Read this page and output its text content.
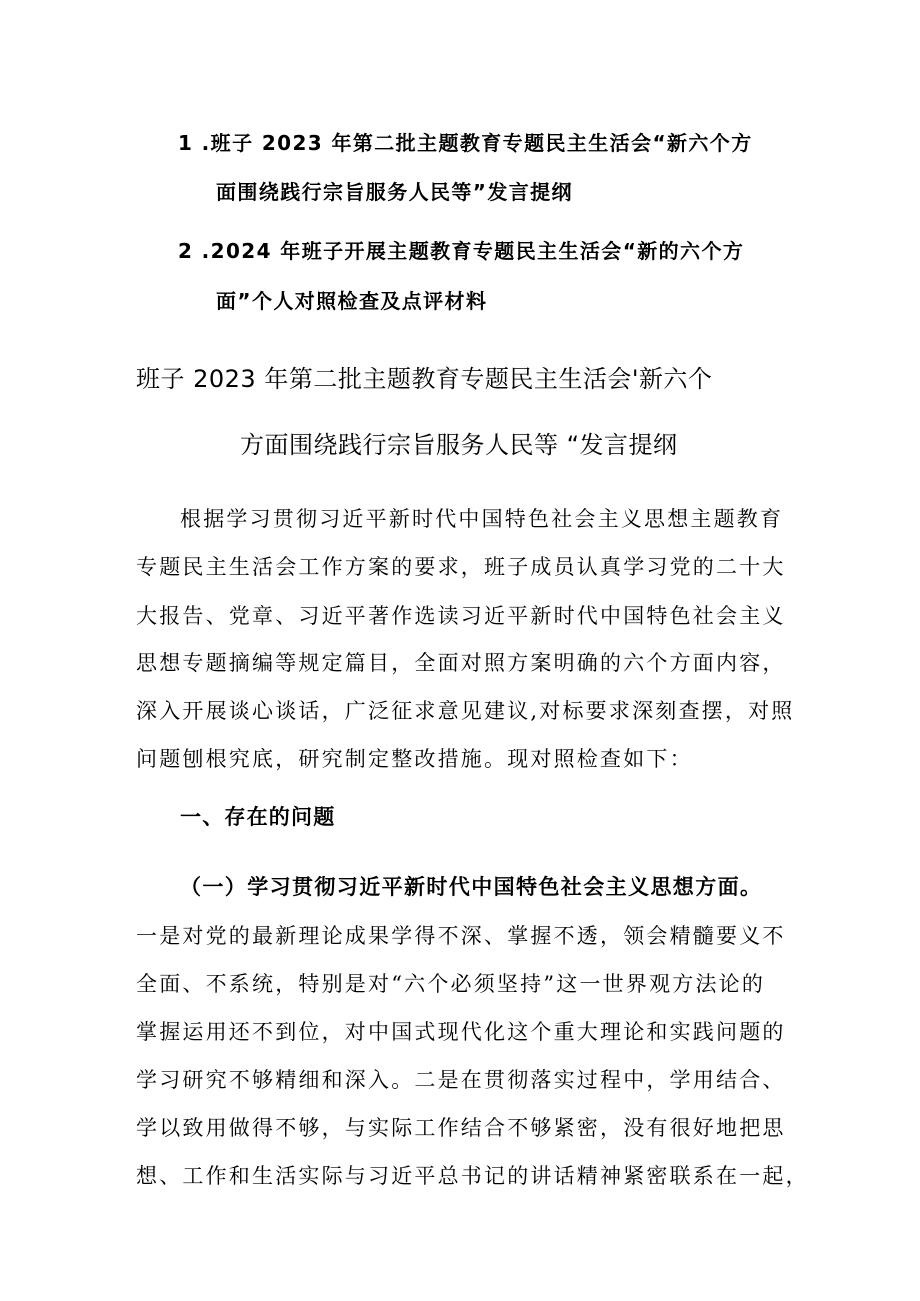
1 .班子 2023 年第二批主题教育专题民主生活会“新六个方
面围绕践行宗旨服务人民等”发言提纲
2 .2024 年班子开展主题教育专题民主生活会“新的六个方
面”个人对照检查及点评材料
班子 2023 年第二批主题教育专题民主生活会'新六个
方面围绕践行宗旨服务人民等 “发言提纲
根据学习贯彻习近平新时代中国特色社会主义思想主题教育
专题民主生活会工作方案的要求，班子成员认真学习党的二十大
大报告、党章、习近平著作选读习近平新时代中国特色社会主义
思想专题摘编等规定篇目，全面对照方案明确的六个方面内容，
深入开展谈心谈话，广泛征求意见建议,对标要求深刻查摆，对照
问题刨根究底，研究制定整改措施。现对照检查如下：
一、存在的问题
（一）学习贯彻习近平新时代中国特色社会主义思想方面。
一是对党的最新理论成果学得不深、掌握不透，领会精髓要义不
全面、不系统，特别是对“六个必须坚持”这一世界观方法论的
掌握运用还不到位，对中国式现代化这个重大理论和实践问题的
学习研究不够精细和深入。二是在贯彻落实过程中，学用结合、
学以致用做得不够，与实际工作结合不够紧密，没有很好地把思
想、工作和生活实际与习近平总书记的讲话精神紧密联系在一起，
